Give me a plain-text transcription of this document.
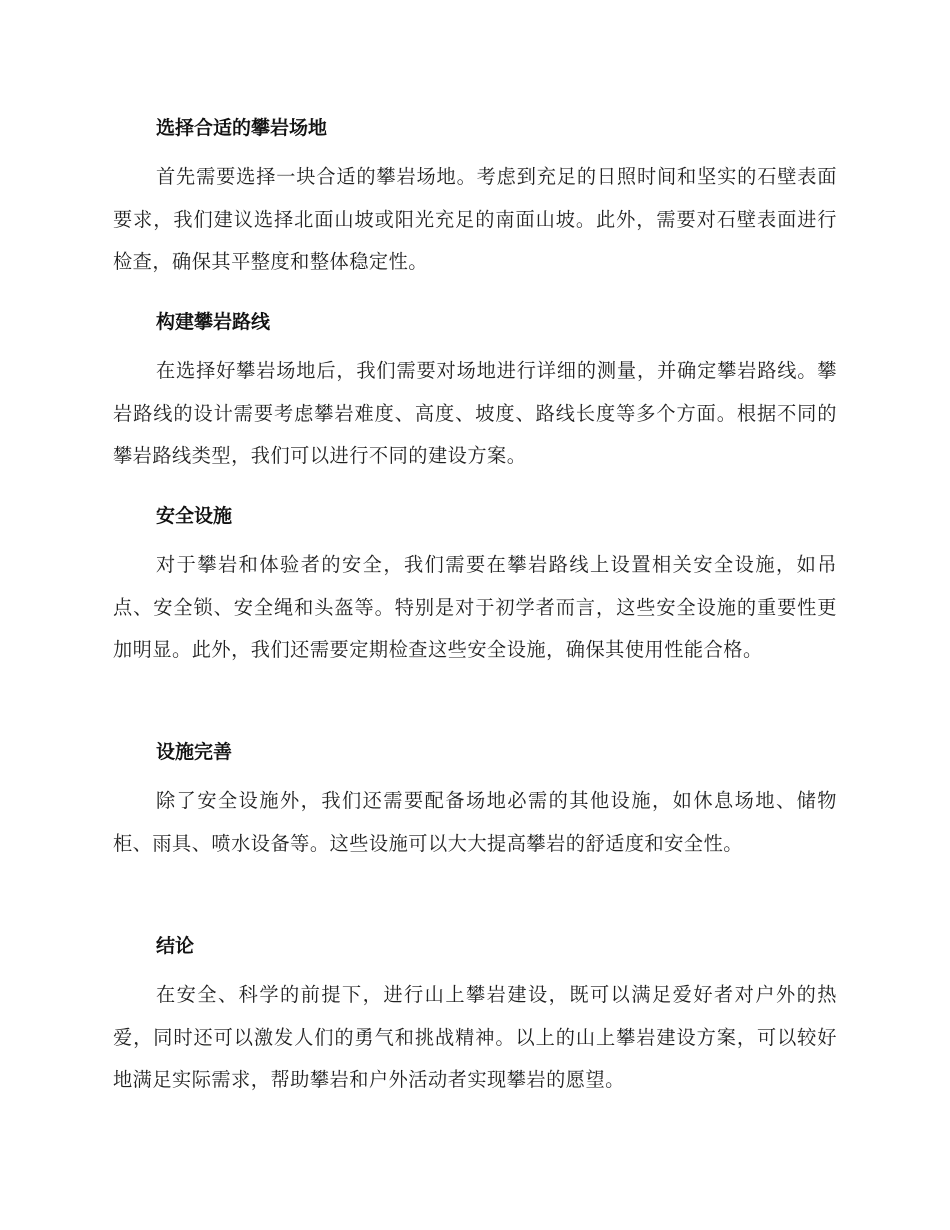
选择合适的攀岩场地

首先需要选择一块合适的攀岩场地。考虑到充足的日照时间和坚实的石壁表面要求，我们建议选择北面山坡或阳光充足的南面山坡。此外，需要对石壁表面进行检查，确保其平整度和整体稳定性。

构建攀岩路线

在选择好攀岩场地后，我们需要对场地进行详细的测量，并确定攀岩路线。攀岩路线的设计需要考虑攀岩难度、高度、坡度、路线长度等多个方面。根据不同的攀岩路线类型，我们可以进行不同的建设方案。

安全设施

对于攀岩和体验者的安全，我们需要在攀岩路线上设置相关安全设施，如吊点、安全锁、安全绳和头盔等。特别是对于初学者而言，这些安全设施的重要性更加明显。此外，我们还需要定期检查这些安全设施，确保其使用性能合格。

设施完善

除了安全设施外，我们还需要配备场地必需的其他设施，如休息场地、储物柜、雨具、喷水设备等。这些设施可以大大提高攀岩的舒适度和安全性。

结论

在安全、科学的前提下，进行山上攀岩建设，既可以满足爱好者对户外的热爱，同时还可以激发人们的勇气和挑战精神。以上的山上攀岩建设方案，可以较好地满足实际需求，帮助攀岩和户外活动者实现攀岩的愿望。
